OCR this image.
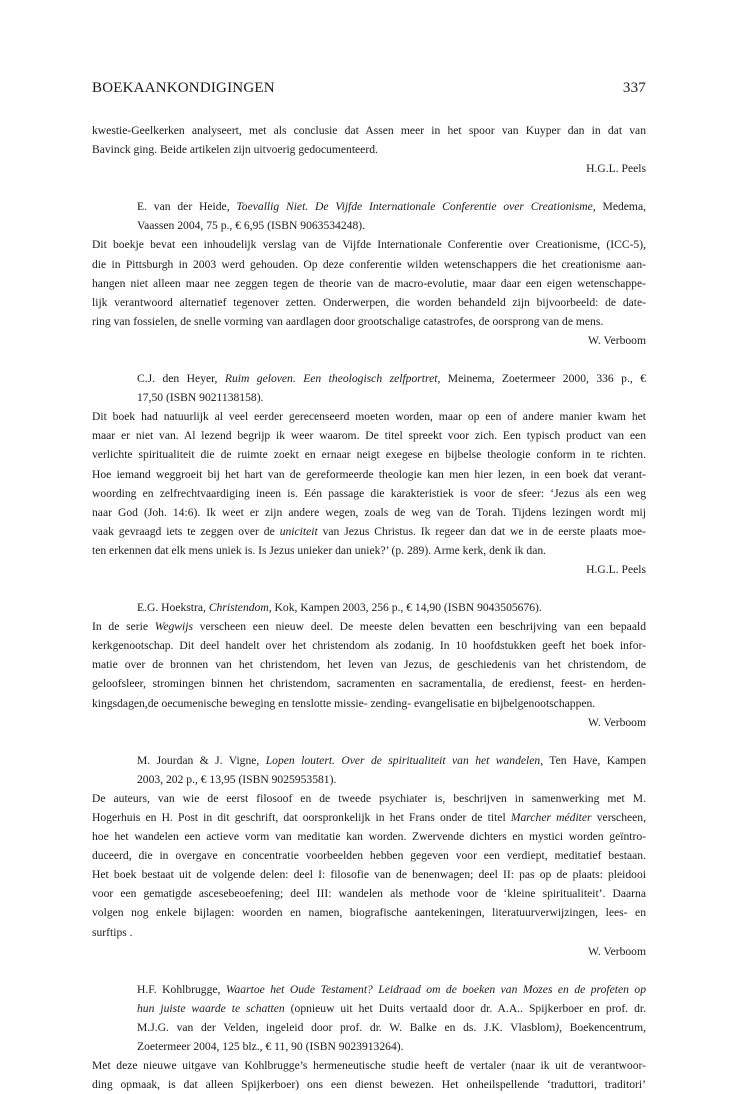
BOEKAANKONDIGINGEN	337
kwestie-Geelkerken analyseert, met als conclusie dat Assen meer in het spoor van Kuyper dan in dat van
Bavinck ging. Beide artikelen zijn uitvoerig gedocumenteerd.

H.G.L. Peels

E. van der Heide, Toevallig Niet. De Vijfde Internationale Conferentie over Creationisme, Medema,
Vaassen 2004, 75 p., € 6,95 (ISBN 9063534248).
Dit boekje bevat een inhoudelijk verslag van de Vijfde Internationale Conferentie over Creationisme, (ICC-5),
die in Pittsburgh in 2003 werd gehouden. Op deze conferentie wilden wetenschappers die het creationisme aan-
hangen niet alleen maar nee zeggen tegen de theorie van de macro-evolutie, maar daar een eigen wetenschappe-
lijk verantwoord alternatief tegenover zetten. Onderwerpen, die worden behandeld zijn bijvoorbeeld: de date-
ring van fossielen, de snelle vorming van aardlagen door grootschalige catastrofes, de oorsprong van de mens.

W. Verboom

C.J. den Heyer, Ruim geloven. Een theologisch zelfportret, Meinema, Zoetermeer 2000, 336 p., €
17,50 (ISBN 9021138158).
Dit boek had natuurlijk al veel eerder gerecenseerd moeten worden, maar op een of andere manier kwam het
maar er niet van. Al lezend begrijp ik weer waarom. De titel spreekt voor zich. Een typisch product van een
verlichte spiritualiteit die de ruimte zoekt en ernaar neigt exegese en bijbelse theologie conform in te richten.
Hoe iemand weggroeit bij het hart van de gereformeerde theologie kan men hier lezen, in een boek dat verant-
woording en zelfrechtvaardiging ineen is. Eén passage die karakteristiek is voor de sfeer: ‘Jezus als een weg
naar God (Joh. 14:6). Ik weet er zijn andere wegen, zoals de weg van de Torah. Tijdens lezingen wordt mij
vaak gevraagd iets te zeggen over de uniciteit van Jezus Christus. Ik regeer dan dat we in de eerste plaats moe-
ten erkennen dat elk mens uniek is. Is Jezus unieker dan uniek?’ (p. 289). Arme kerk, denk ik dan.

H.G.L. Peels

E.G. Hoekstra, Christendom, Kok, Kampen 2003, 256 p., € 14,90 (ISBN 9043505676).
In de serie Wegwijs verscheen een nieuw deel. De meeste delen bevatten een beschrijving van een bepaald
kerkgenootschap. Dit deel handelt over het christendom als zodanig. In 10 hoofdstukken geeft het boek infor-
matie over de bronnen van het christendom, het leven van Jezus, de geschiedenis van het christendom, de
geloofsleer, stromingen binnen het christendom, sacramenten en sacramentalia, de eredienst, feest- en herden-
kingsdagen,de oecumenische beweging en tenslotte missie- zending- evangelisatie en bijbelgenootschappen.

W. Verboom

M. Jourdan & J. Vigne, Lopen loutert. Over de spiritualiteit van het wandelen, Ten Have, Kampen
2003, 202 p., € 13,95 (ISBN 9025953581).
De auteurs, van wie de eerst filosoof en de tweede psychiater is, beschrijven in samenwerking met M.
Hogerhuis en H. Post in dit geschrift, dat oorspronkelijk in het Frans onder de titel Marcher méditer verscheen,
hoe het wandelen een actieve vorm van meditatie kan worden. Zwervende dichters en mystici worden geïntro-
duceerd, die in overgave en concentratie voorbeelden hebben gegeven voor een verdiept, meditatief bestaan.
Het boek bestaat uit de volgende delen: deel I: filosofie van de benenwagen; deel II: pas op de plaats: pleidooi
voor een gematigde ascesebeoefening; deel III: wandelen als methode voor de ‘kleine spiritualiteit’. Daarna
volgen nog enkele bijlagen: woorden en namen, biografische aantekeningen, literatuurverwijzingen, lees- en
surftips .

W. Verboom

H.F. Kohlbrugge, Waartoe het Oude Testament? Leidraad om de boeken van Mozes en de profeten op
hun juiste waarde te schatten (opnieuw uit het Duits vertaald door dr. A.A.. Spijkerboer en prof. dr.
M.J.G. van der Velden, ingeleid door prof. dr. W. Balke en ds. J.K. Vlasblom), Boekencentrum,
Zoetermeer 2004, 125 blz., € 11, 90 (ISBN 9023913264).
Met deze nieuwe uitgave van Kohlbrugge’s hermeneutische studie heeft de vertaler (naar ik uit de verantwoor-
ding opmaak, is dat alleen Spijkerboer) ons een dienst bewezen. Het onheilspellende ‘traduttori, traditori’
